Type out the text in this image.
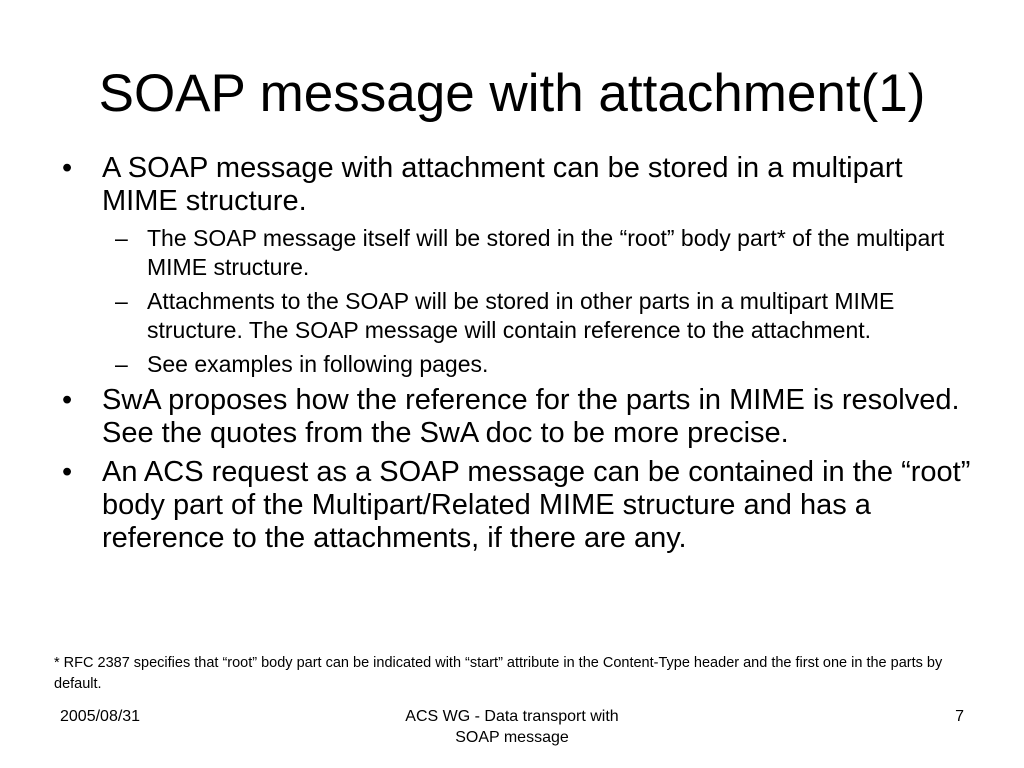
SOAP message with attachment(1)
• A SOAP message with attachment can be stored in a multipart MIME structure.
– The SOAP message itself will be stored in the “root” body part* of the multipart MIME structure.
– Attachments to the SOAP will be stored in other parts in a multipart MIME structure. The SOAP message will contain reference to the attachment.
– See examples in following pages.
• SwA proposes how the reference for the parts in MIME is resolved. See the quotes from the SwA doc to be more precise.
• An ACS request as a SOAP message can be contained in the “root” body part of the Multipart/Related MIME structure and has a reference to the attachments, if there are any.
* RFC 2387 specifies that “root” body part can be indicated with “start” attribute in the Content-Type header and the first one in the parts by default.
2005/08/31	ACS WG - Data transport with
SOAP message
7
